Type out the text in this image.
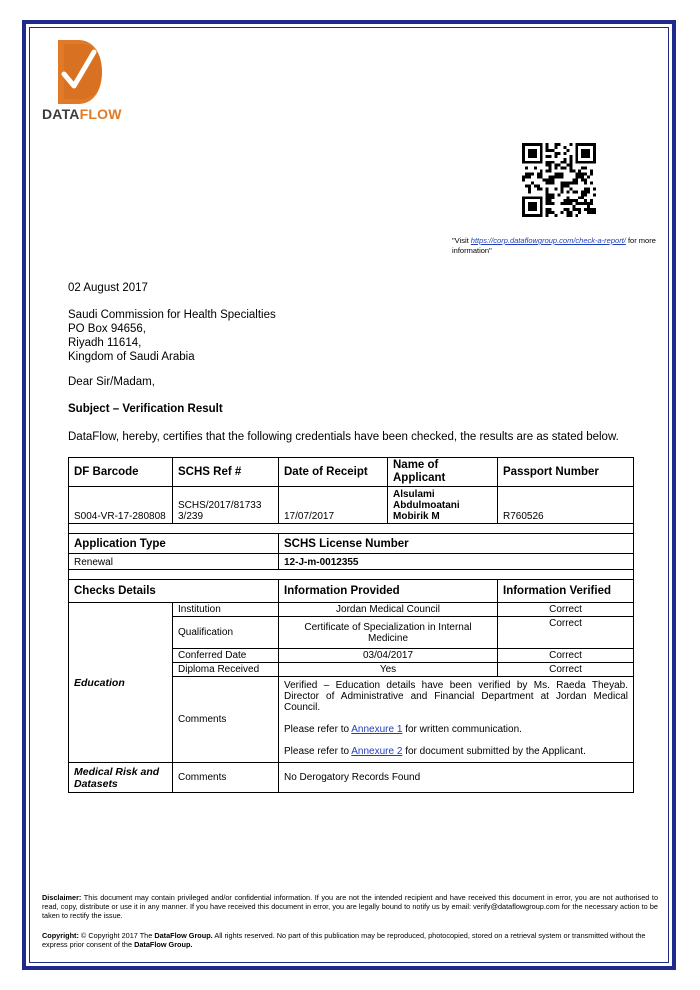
DATAFLOW
"Visit https://corp.dataflowgroup.com/check-a-report/ for more information"
02 August 2017
Saudi Commission for Health Specialties
PO Box 94656,
Riyadh 11614,
Kingdom of Saudi Arabia
Dear Sir/Madam,
Subject – Verification Result
DataFlow, hereby, certifies that the following credentials have been checked, the results are as stated below.
DF Barcode	SCHS Ref #	Date of Receipt	Name of Applicant	Passport Number
S004-VR-17-280808	SCHS/2017/81733 3/239	17/07/2017	Alsulami Abdulmoatani Mobirik M	R760526

Application Type		SCHS License Number		
Renewal		12-J-m-0012355		

Checks Details		Information Provided		Information Verified
Education	Institution	Jordan Medical Council		Correct
	Qualification	Certificate of Specialization in Internal Medicine		Correct
	Conferred Date	03/04/2017		Correct
	Diploma Received	Yes		Correct
	Comments	Verified – Education details have been verified by Ms. Raeda Theyab. Director of Administrative and Financial Department at Jordan Medical Council.

Please refer to Annexure 1 for written communication.

Please refer to Annexure 2 for document submitted by the Applicant.		

Medical Risk and Datasets	Comments	No Derogatory Records Found		
Disclaimer: This document may contain privileged and/or confidential information. If you are not the intended recipient and have received this document in error, you are not authorised to read, copy, distribute or use it in any manner. If you have received this document in error, you are legally bound to notify us by email: verify@dataflowgroup.com for the necessary action to be taken to rectify the issue.
Copyright: © Copyright 2017 The DataFlow Group. All rights reserved. No part of this publication may be reproduced, photocopied, stored on a retrieval system or transmitted without the express prior consent of the DataFlow Group.
